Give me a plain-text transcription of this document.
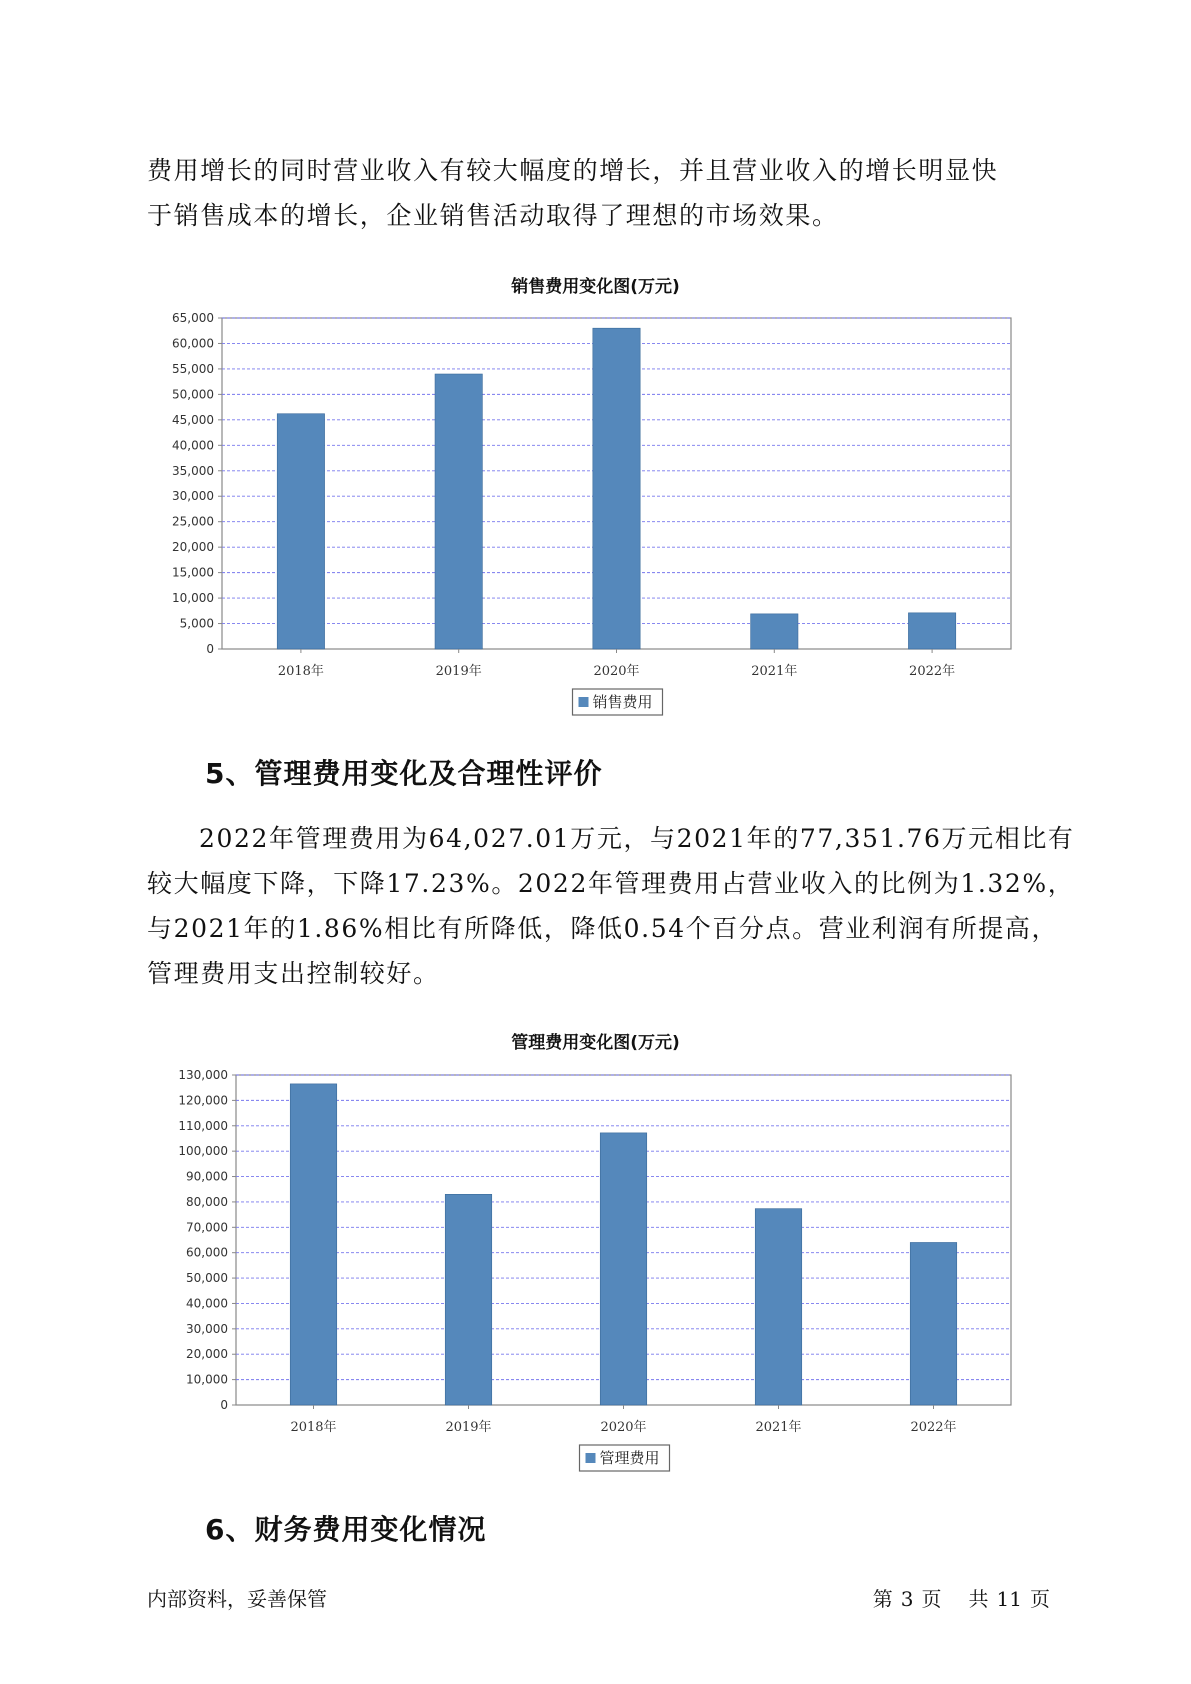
费用增长的同时营业收入有较大幅度的增长，并且营业收入的增长明显快
于销售成本的增长，企业销售活动取得了理想的市场效果。
销售费用变化图(万元)
0
5,000
10,000
15,000
20,000
25,000
30,000
35,000
40,000
45,000
50,000
55,000
60,000
65,000
2018年	2019年	2020年	2021年	2022年
销售费用
5、管理费用变化及合理性评价
2022年管理费用为64,027.01万元，与2021年的77,351.76万元相比有
较大幅度下降，下降17.23%。2022年管理费用占营业收入的比例为1.32%，
与2021年的1.86%相比有所降低，降低0.54个百分点。营业利润有所提高，
管理费用支出控制较好。
管理费用变化图(万元)
0
10,000
20,000
30,000
40,000
50,000
60,000
70,000
80,000
90,000
100,000
110,000
120,000
130,000
2018年	2019年	2020年	2021年	2022年
管理费用
6、财务费用变化情况
内部资料，妥善保管	第 3 页 共 11 页
